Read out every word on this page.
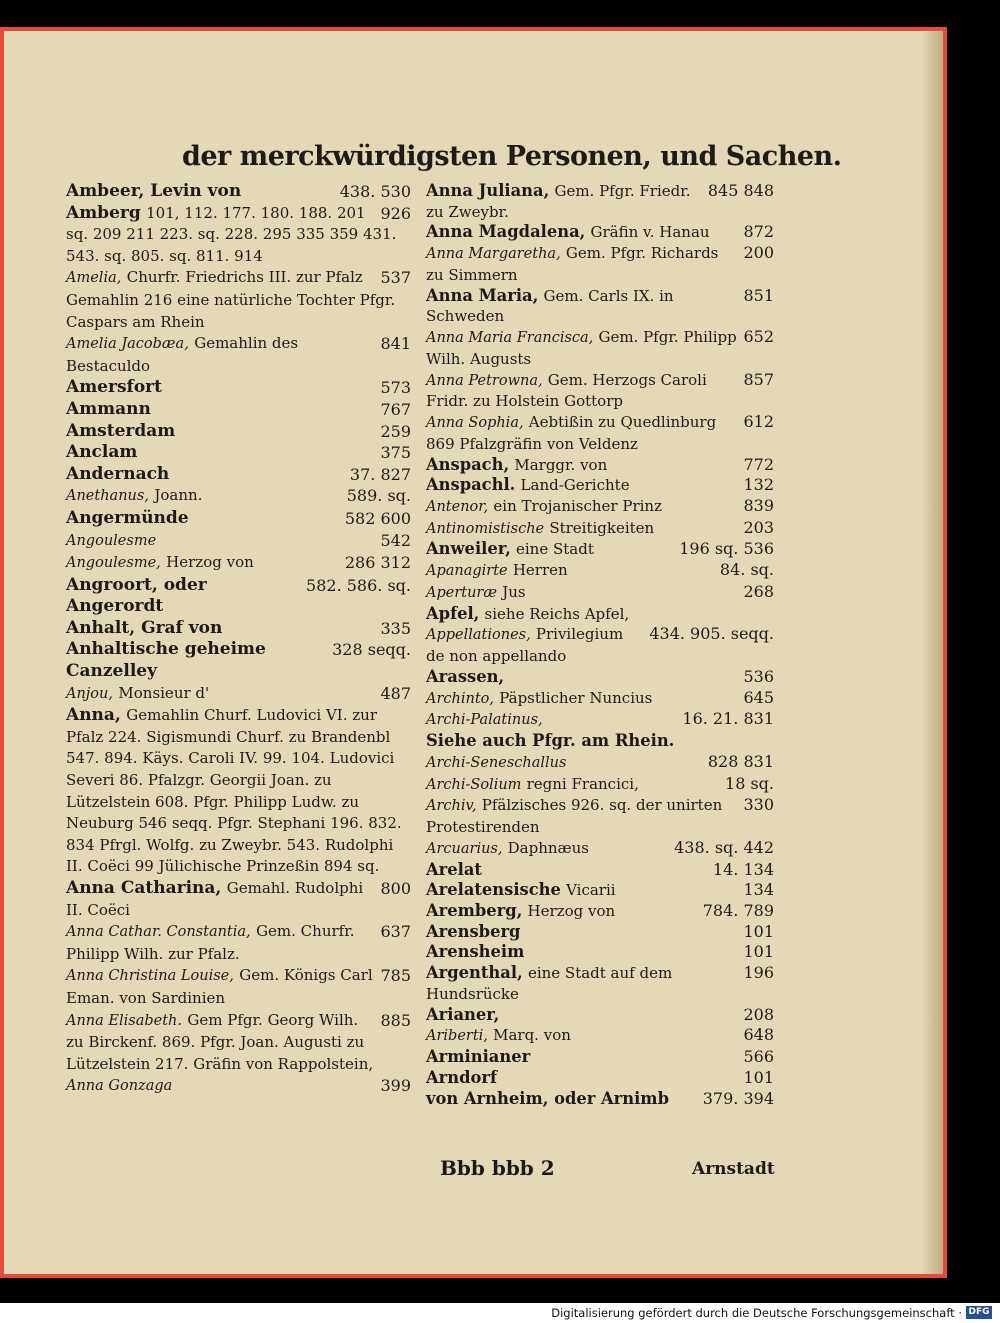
der merckwürdigsten Personen, und Sachen.
438. 530
Ambeer, Levin von
926
Amberg 101, 112. 177. 180. 188. 201 sq. 209 211 223. sq. 228. 295 335 359 431. 543. sq. 805. sq. 811. 914
537
Amelia, Churfr. Friedrichs III. zur Pfalz Gemahlin 216 eine natürliche Tochter Pfgr. Caspars am Rhein
841
Amelia Jacobæa, Gemahlin des Bestaculdo
573
Amersfort
767
Ammann
259
Amsterdam
375
Anclam
37. 827
Andernach
589. sq.
Anethanus, Joann.
582 600
Angermünde
542
Angoulesme
286 312
Angoulesme, Herzog von
582. 586. sq.
Angroort, oder Angerordt
335
Anhalt, Graf von
328 seqq.
Anhaltische geheime Canzelley
487
Anjou, Monsieur d'
Anna, Gemahlin Churf. Ludovici VI. zur Pfalz 224. Sigismundi Churf. zu Brandenbl 547. 894. Käys. Caroli IV. 99. 104. Ludovici Severi 86. Pfalzgr. Georgii Joan. zu Lützelstein 608. Pfgr. Philipp Ludw. zu Neuburg 546 seqq. Pfgr. Stephani 196. 832. 834 Pfrgl. Wolfg. zu Zweybr. 543. Rudolphi II. Coëci 99 Jülichische Prinzeßin 894 sq.
800
Anna Catharina, Gemahl. Rudolphi II. Coëci
637
Anna Cathar. Constantia, Gem. Churfr. Philipp Wilh. zur Pfalz.
785
Anna Christina Louise, Gem. Königs Carl Eman. von Sardinien
885
Anna Elisabeth. Gem Pfgr. Georg Wilh. zu Birckenf. 869. Pfgr. Joan. Augusti zu Lützelstein 217. Gräfin von Rappolstein,
399
Anna Gonzaga
845 848
Anna Juliana, Gem. Pfgr. Friedr. zu Zweybr.
872
Anna Magdalena, Gräfin v. Hanau
200
Anna Margaretha, Gem. Pfgr. Richards zu Simmern
851
Anna Maria, Gem. Carls IX. in Schweden
652
Anna Maria Francisca, Gem. Pfgr. Philipp Wilh. Augusts
857
Anna Petrowna, Gem. Herzogs Caroli Fridr. zu Holstein Gottorp
612
Anna Sophia, Aebtißin zu Quedlinburg 869 Pfalzgräfin von Veldenz
772
Anspach, Marggr. von
132
Anspachl. Land-Gerichte
839
Antenor, ein Trojanischer Prinz
203
Antinomistische Streitigkeiten
196 sq. 536
Anweiler, eine Stadt
84. sq.
Apanagirte Herren
268
Aperturæ Jus
Apfel, siehe Reichs Apfel,
434. 905. seqq.
Appellationes, Privilegium de non appellando
536
Arassen,
645
Archinto, Päpstlicher Nuncius
16. 21. 831
Archi-Palatinus,
Siehe auch Pfgr. am Rhein.
828 831
Archi-Seneschallus
18 sq.
Archi-Solium regni Francici,
330
Archiv, Pfälzisches 926. sq. der unirten Protestirenden
438. sq. 442
Arcuarius, Daphnæus
14. 134
Arelat
134
Arelatensische Vicarii
784. 789
Aremberg, Herzog von
101
Arensberg
101
Arensheim
196
Argenthal, eine Stadt auf dem Hundsrücke
208
Arianer,
648
Ariberti, Marq. von
566
Arminianer
101
Arndorf
379. 394
von Arnheim, oder Arnimb
Bbb bbb 2	Arnstadt
Digitalisierung gefördert durch die Deutsche Forschungsgemeinschaft · DFG
